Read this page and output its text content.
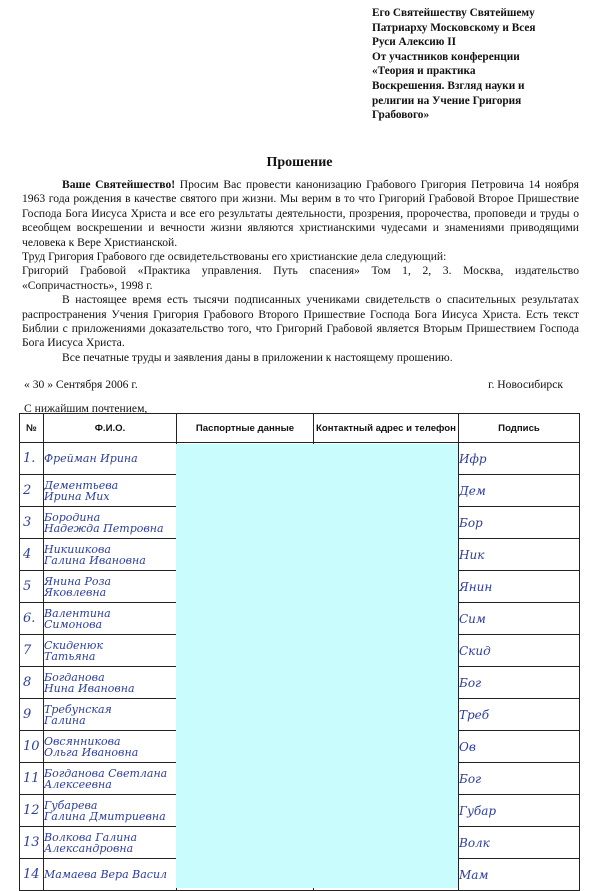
Его Святейшеству Святейшему
Патриарху Московскому и Всея
Руси Алексию II
От участников конференции
«Теория и практика
Воскрешения. Взгляд науки и
религии на Учение Григория
Грабового»
Прошение

Ваше Святейшество! Просим Вас провести канонизацию Грабового Григория Петровича 14 ноября 1963 года рождения в качестве святого при жизни. Мы верим в то что Григорий Грабовой Второе Пришествие Господа Бога Иисуса Христа и все его результаты деятельности, прозрения, пророчества, проповеди и труды о всеобщем воскрешении и вечности жизни являются христианскими чудесами и знамениями приводящими человека к Вере Христианской.

Труд Григория Грабового где освидетельствованы его христианские дела следующий:

Григорий Грабовой «Практика управления. Путь спасения» Том 1, 2, 3. Москва, издательство «Сопричастность», 1998 г.

В настоящее время есть тысячи подписанных учениками свидетельств о спасительных результатах распространения Учения Григория Грабового Второго Пришествие Господа Бога Иисуса Христа. Есть текст Библии с приложениями доказательство того, что Григорий Грабовой является Вторым Пришествием Господа Бога Иисуса Христа.

Все печатные труды и заявления даны в приложении к настоящему прошению.

« 30 » Сентября 2006 г.	г. Новосибирск
С нижайшим почтением,
№	Ф.И.О.	Паспортные данные	Контактный адрес и телефон	Подпись
1.	Фрейман Ирина			Ифр
2	Дементьева
Ирина Мих			Дем
3	Бородина
Надежда Петровна			Бор
4	Никишкова
Галина Ивановна			Ник
5	Янина Роза
Яковлевна			Янин
6.	Валентина
Симонова			Сим
7	Скиденюк
Татьяна			Скид
8	Богданова
Нина Ивановна			Бог
9	Требунская
Галина			Треб
10	Овсянникова
Ольга Ивановна			Ов
11	Богданова Светлана
Алексеевна			Бог
12	Губарева
Галина Дмитриевна			Губар
13	Волкова Галина
Александровна			Волк
14	Мамаева Вера Васил			Мам
